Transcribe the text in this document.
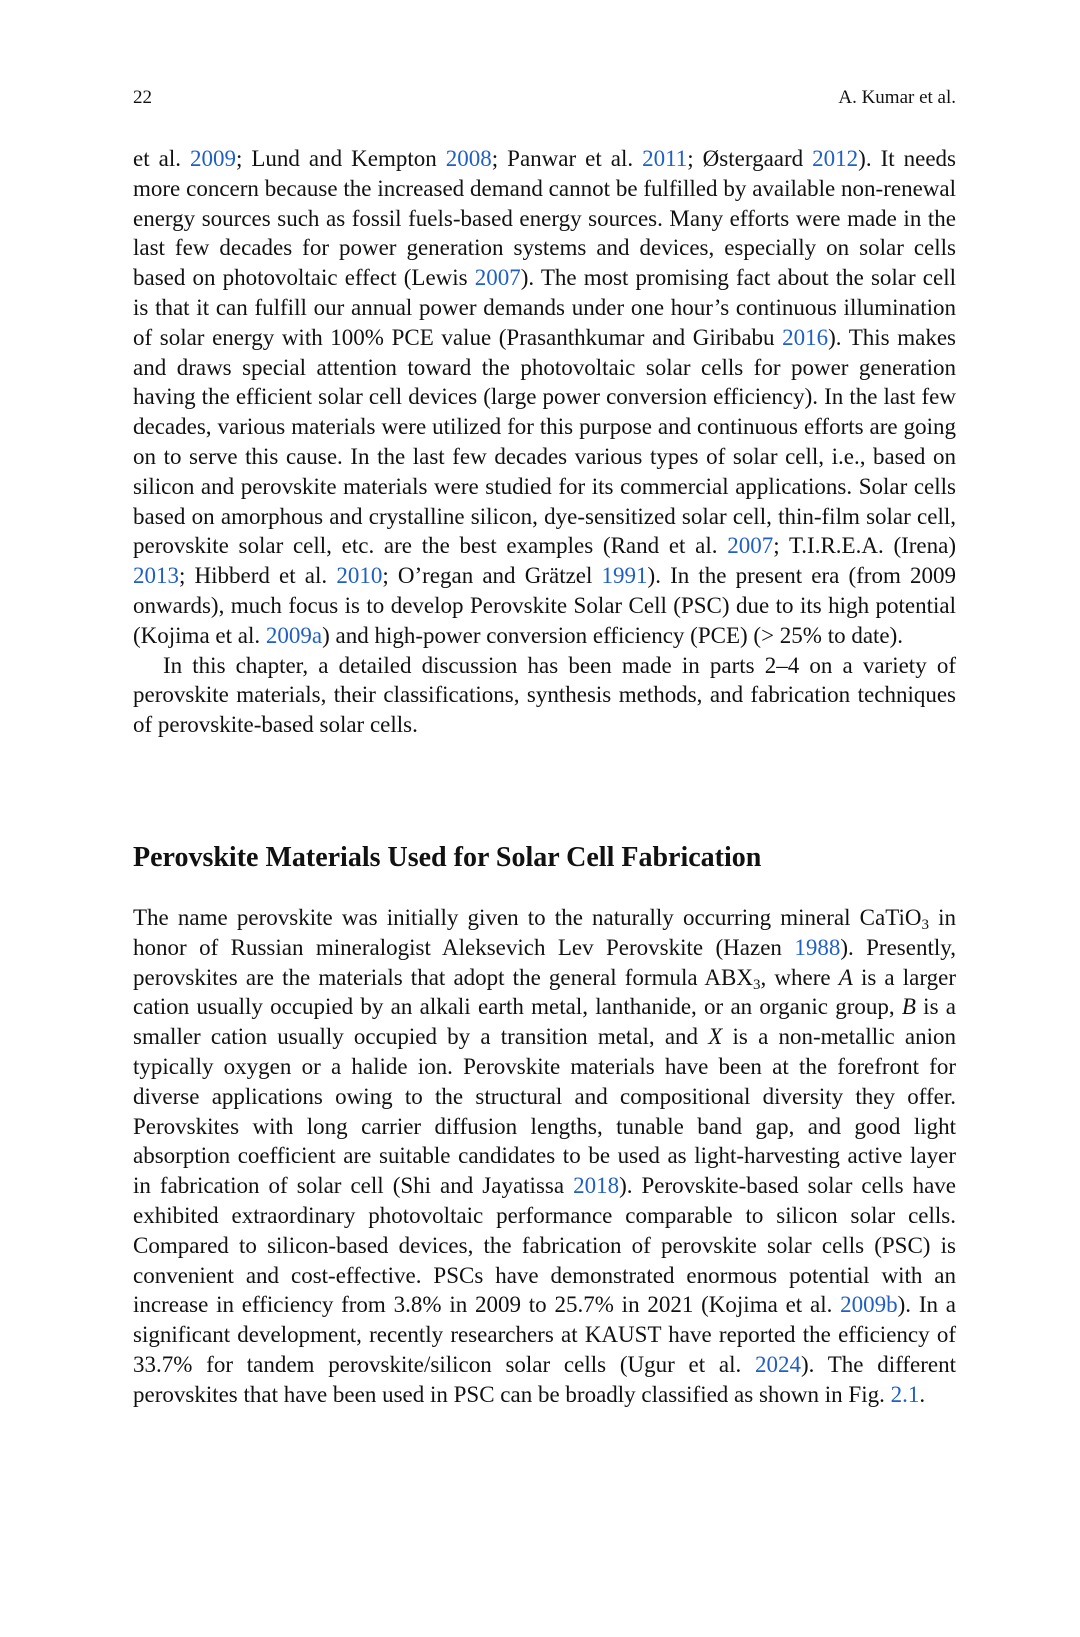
22	A. Kumar et al.

et al. 2009; Lund and Kempton 2008; Panwar et al. 2011; Østergaard 2012). It needs more concern because the increased demand cannot be fulfilled by available non-renewal energy sources such as fossil fuels-based energy sources. Many efforts were made in the last few decades for power generation systems and devices, especially on solar cells based on photovoltaic effect (Lewis 2007). The most promising fact about the solar cell is that it can fulfill our annual power demands under one hour’s continuous illumination of solar energy with 100% PCE value (Prasanthkumar and Giribabu 2016). This makes and draws special attention toward the photovoltaic solar cells for power generation having the efficient solar cell devices (large power conversion efficiency). In the last few decades, various materials were utilized for this purpose and continuous efforts are going on to serve this cause. In the last few decades various types of solar cell, i.e., based on silicon and perovskite materials were studied for its commercial applications. Solar cells based on amorphous and crystalline silicon, dye-sensitized solar cell, thin-film solar cell, perovskite solar cell, etc. are the best examples (Rand et al. 2007; T.I.R.E.A. (Irena) 2013; Hibberd et al. 2010; O’regan and Grätzel 1991). In the present era (from 2009 onwards), much focus is to develop Perovskite Solar Cell (PSC) due to its high potential (Kojima et al. 2009a) and high-power conversion efficiency (PCE) (> 25% to date).

In this chapter, a detailed discussion has been made in parts 2–4 on a variety of perovskite materials, their classifications, synthesis methods, and fabrication techniques of perovskite-based solar cells.

Perovskite Materials Used for Solar Cell Fabrication

The name perovskite was initially given to the naturally occurring mineral CaTiO$_3$ in honor of Russian mineralogist Aleksevich Lev Perovskite (Hazen 1988). Presently, perovskites are the materials that adopt the general formula $ABX_3$, where A is a larger cation usually occupied by an alkali earth metal, lanthanide, or an organic group, B is a smaller cation usually occupied by a transition metal, and X is a non-metallic anion typically oxygen or a halide ion. Perovskite materials have been at the forefront for diverse applications owing to the structural and compositional diversity they offer. Perovskites with long carrier diffusion lengths, tunable band gap, and good light absorption coefficient are suitable candidates to be used as light-harvesting active layer in fabrication of solar cell (Shi and Jayatissa 2018). Perovskite-based solar cells have exhibited extraordinary photovoltaic performance comparable to silicon solar cells. Compared to silicon-based devices, the fabrication of perovskite solar cells (PSC) is convenient and cost-effective. PSCs have demonstrated enormous potential with an increase in efficiency from 3.8% in 2009 to 25.7% in 2021 (Kojima et al. 2009b). In a significant development, recently researchers at KAUST have reported the efficiency of 33.7% for tandem perovskite/silicon solar cells (Ugur et al. 2024). The different perovskites that have been used in PSC can be broadly classified as shown in Fig. 2.1.
